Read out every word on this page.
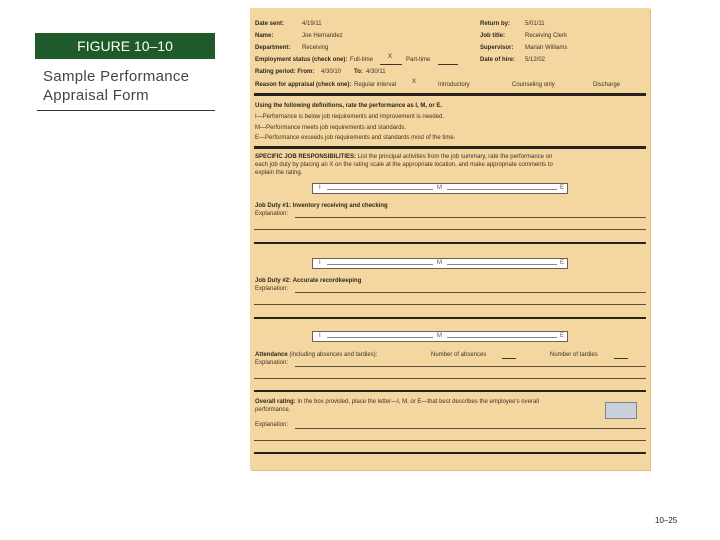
FIGURE 10–10
Sample Performance
Appraisal Form
Date sent:	4/19/11	Return by:	5/01/11
Name:	Joe Hernandez	Job title:	Receiving Clerk
Department: Receiving	Supervisor: Marian Williams
Employment status (check one): Full-time X Part-time	Date of hire: 5/12/02
Rating period: From: 4/30/10 To: 4/30/11
Reason for appraisal (check one): Regular interval	X	Introductory	Counseling only	Discharge
Using the following definitions, rate the performance as I, M, or E.
I—Performance is below job requirements and improvement is needed.
M—Performance meets job requirements and standards.
E—Performance exceeds job requirements and standards most of the time.
SPECIFIC JOB RESPONSIBILITIES: List the principal activities from the job summary, rate the performance on
each job duty by placing an X on the rating scale at the appropriate location, and make appropriate comments to
explain the rating.
I	M	E
Job Duty #1: Inventory receiving and checking
Explanation:
I	M	E
Job Duty #2: Accurate recordkeeping
Explanation:
I	M	E
Attendance (including absences and tardies):	Number of absences	Number of tardies
Explanation:
Overall rating: In the box provided, place the letter—I, M, or E—that best describes the employee's overall
performance.
Explanation:
10–25
